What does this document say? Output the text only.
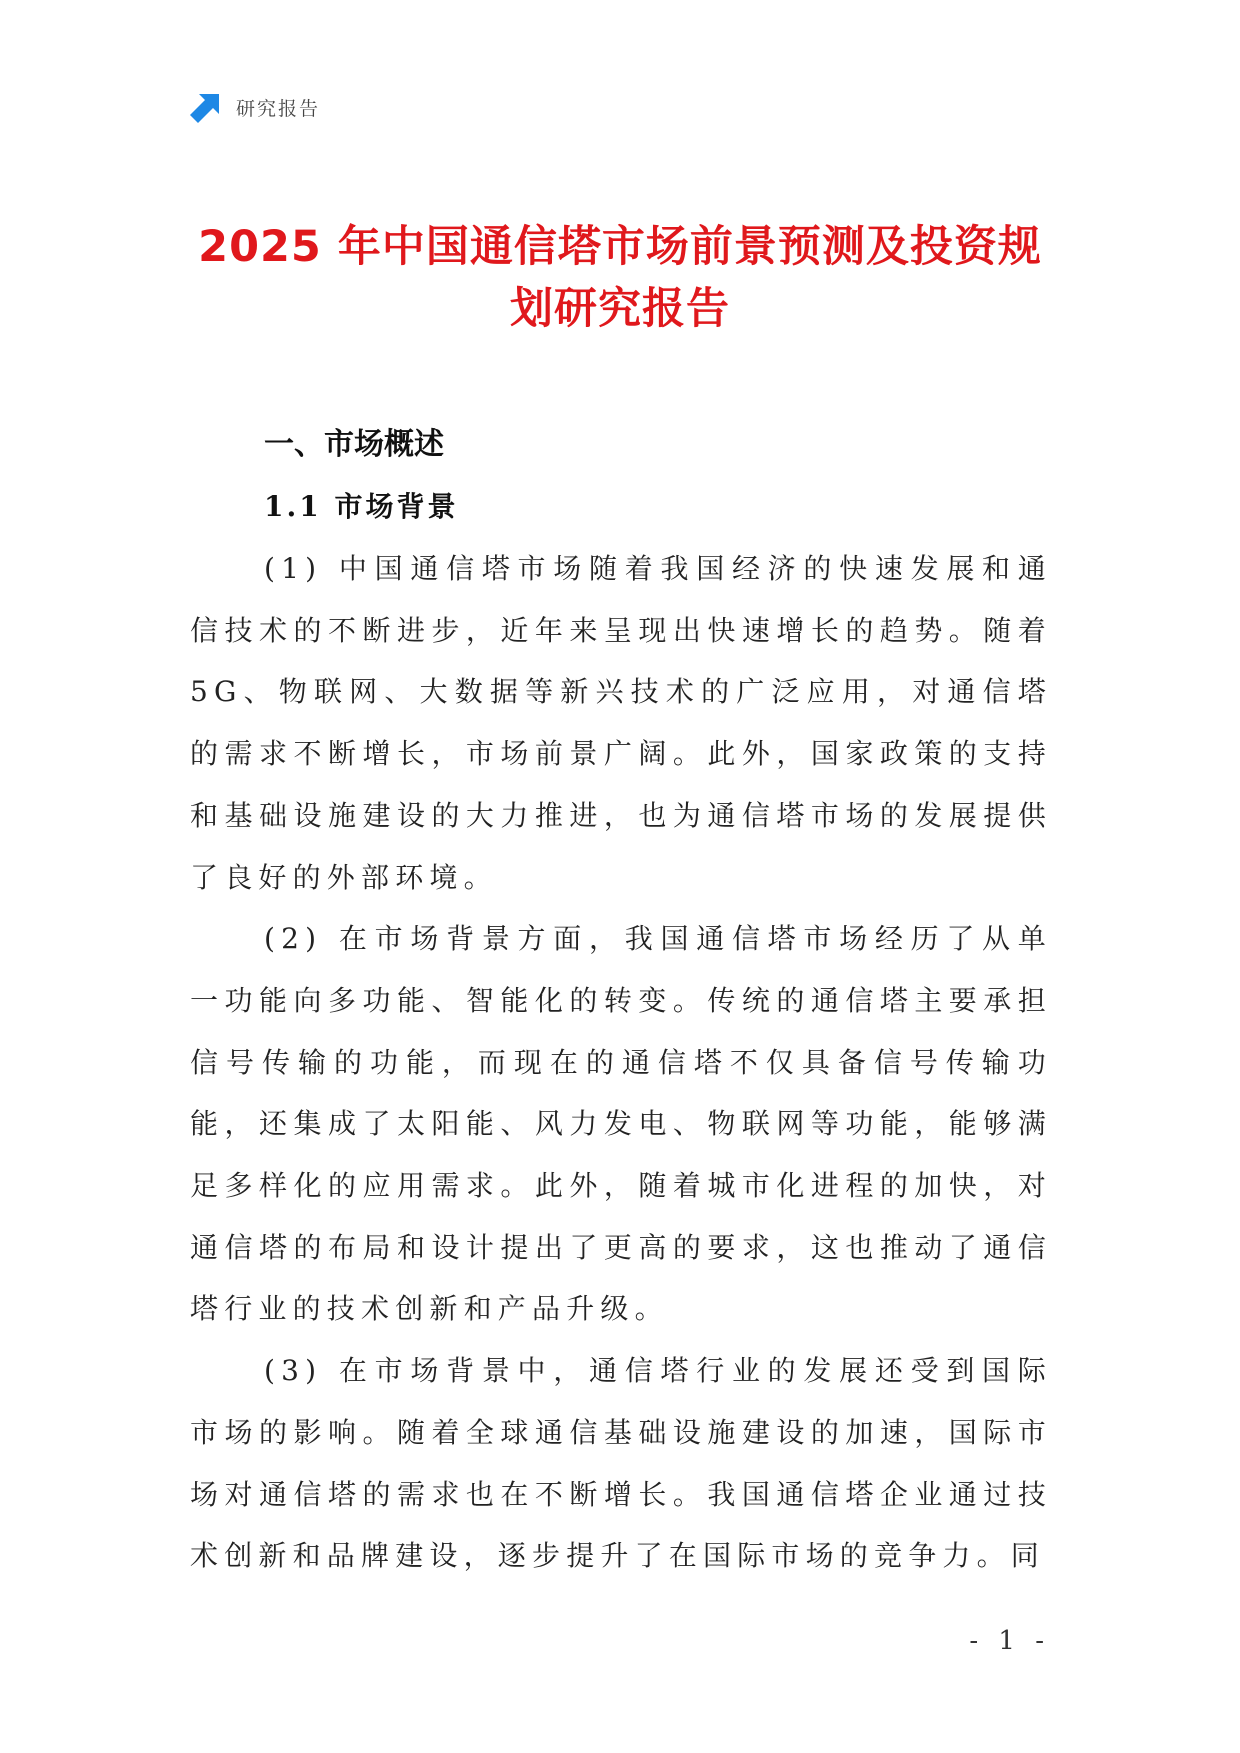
研究报告
2025 年中国通信塔市场前景预测及投资规
划研究报告
一、市场概述
1.1 市场背景

(1) 中国通信塔市场随着我国经济的快速发展和通信技术的不断进步，近年来呈现出快速增长的趋势。随着5G、物联网、大数据等新兴技术的广泛应用，对通信塔的需求不断增长，市场前景广阔。此外，国家政策的支持和基础设施建设的大力推进，也为通信塔市场的发展提供了良好的外部环境。

(2) 在市场背景方面，我国通信塔市场经历了从单一功能向多功能、智能化的转变。传统的通信塔主要承担信号传输的功能，而现在的通信塔不仅具备信号传输功能，还集成了太阳能、风力发电、物联网等功能，能够满足多样化的应用需求。此外，随着城市化进程的加快，对通信塔的布局和设计提出了更高的要求，这也推动了通信塔行业的技术创新和产品升级。

(3) 在市场背景中，通信塔行业的发展还受到国际市场的影响。随着全球通信基础设施建设的加速，国际市场对通信塔的需求也在不断增长。我国通信塔企业通过技术创新和品牌建设，逐步提升了在国际市场的竞争力。同

- 1 -
